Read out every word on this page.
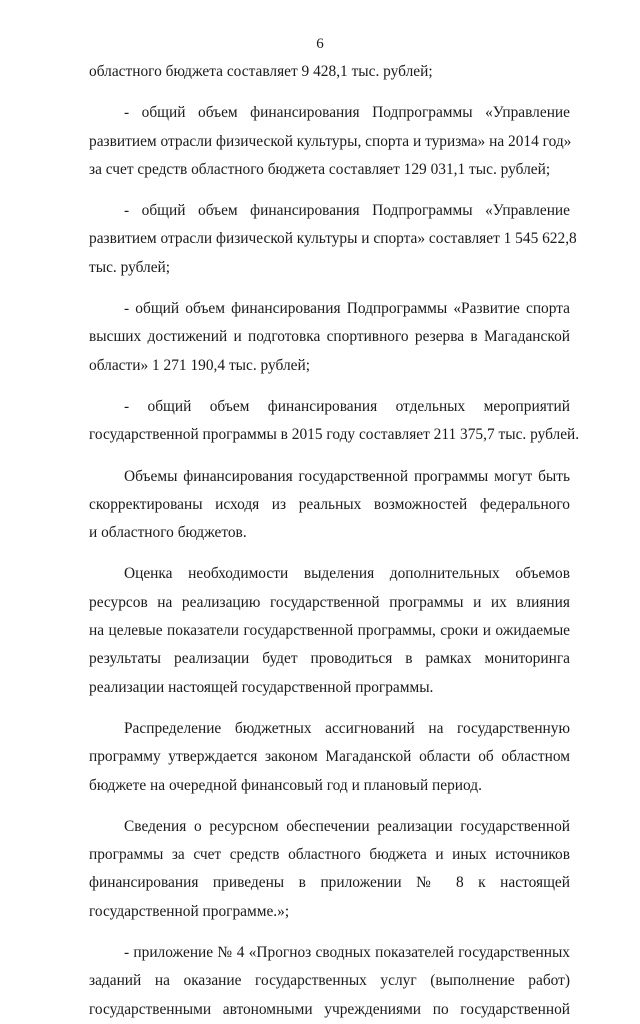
6
областного бюджета составляет 9 428,1 тыс. рублей;
- общий объем финансирования Подпрограммы «Управление
развитием отрасли физической культуры, спорта и туризма» на 2014 год»
за счет средств областного бюджета составляет 129 031,1 тыс. рублей;
- общий объем финансирования Подпрограммы «Управление
развитием отрасли физической культуры и спорта» составляет 1 545 622,8
тыс. рублей;
- общий объем финансирования Подпрограммы «Развитие спорта
высших достижений и подготовка спортивного резерва в Магаданской
области» 1 271 190,4 тыс. рублей;
- общий объем финансирования отдельных мероприятий
государственной программы в 2015 году составляет 211 375,7 тыс. рублей.
Объемы финансирования государственной программы могут быть
скорректированы исходя из реальных возможностей федерального
и областного бюджетов.
Оценка необходимости выделения дополнительных объемов
ресурсов на реализацию государственной программы и их влияния
на целевые показатели государственной программы, сроки и ожидаемые
результаты реализации будет проводиться в рамках мониторинга
реализации настоящей государственной программы.
Распределение бюджетных ассигнований на государственную
программу утверждается законом Магаданской области об областном
бюджете на очередной финансовый год и плановый период.
Сведения о ресурсном обеспечении реализации государственной
программы за счет средств областного бюджета и иных источников
финансирования приведены в приложении № 8 к настоящей
государственной программе.»;
- приложение № 4 «Прогноз сводных показателей государственных
заданий на оказание государственных услуг (выполнение работ)
государственными автономными учреждениями по государственной
